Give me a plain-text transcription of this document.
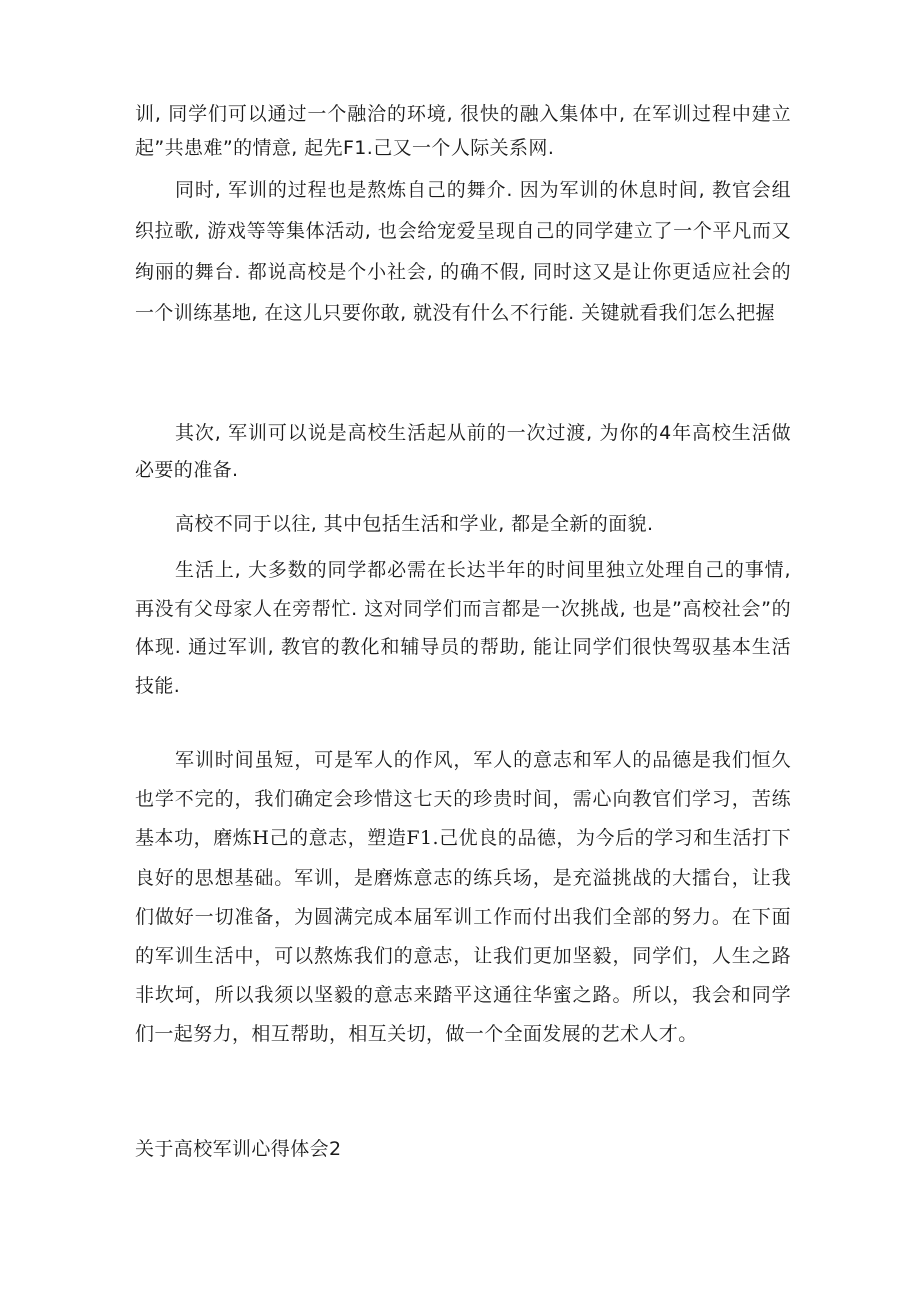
训, 同学们可以通过一个融洽的环境, 很快的融入集体中, 在军训过程中建立起”共患难”的情意, 起先F1.己又一个人际关系网.

同时, 军训的过程也是熬炼自己的舞介. 因为军训的休息时间, 教官会组织拉歌, 游戏等等集体活动, 也会给宠爱呈现自己的同学建立了一个平凡而又绚丽的舞台. 都说高校是个小社会, 的确不假, 同时这又是让你更适应社会的一个训练基地, 在这儿只要你敢, 就没有什么不行能. 关键就看我们怎么把握

其次, 军训可以说是高校生活起从前的一次过渡, 为你的4年高校生活做必要的准备.

高校不同于以往, 其中包括生活和学业, 都是全新的面貌.

生活上, 大多数的同学都必需在长达半年的时间里独立处理自己的事情, 再没有父母家人在旁帮忙. 这对同学们而言都是一次挑战, 也是”高校社会”的体现. 通过军训, 教官的教化和辅导员的帮助, 能让同学们很快驾驭基本生活技能.

军训时间虽短，可是军人的作风，军人的意志和军人的品德是我们恒久也学不完的，我们确定会珍惜这七天的珍贵时间，需心向教官们学习，苦练基本功，磨炼H己的意志，塑造F1.己优良的品德，为今后的学习和生活打下良好的思想基础。军训，是磨炼意志的练兵场，是充溢挑战的大擂台，让我们做好一切准备，为圆满完成本届军训工作而付出我们全部的努力。在下面的军训生活中，可以熬炼我们的意志，让我们更加坚毅，同学们，人生之路非坎坷，所以我须以坚毅的意志来踏平这通往华蜜之路。所以，我会和同学们一起努力，相互帮助，相互关切，做一个全面发展的艺术人才。

关于高校军训心得体会2
